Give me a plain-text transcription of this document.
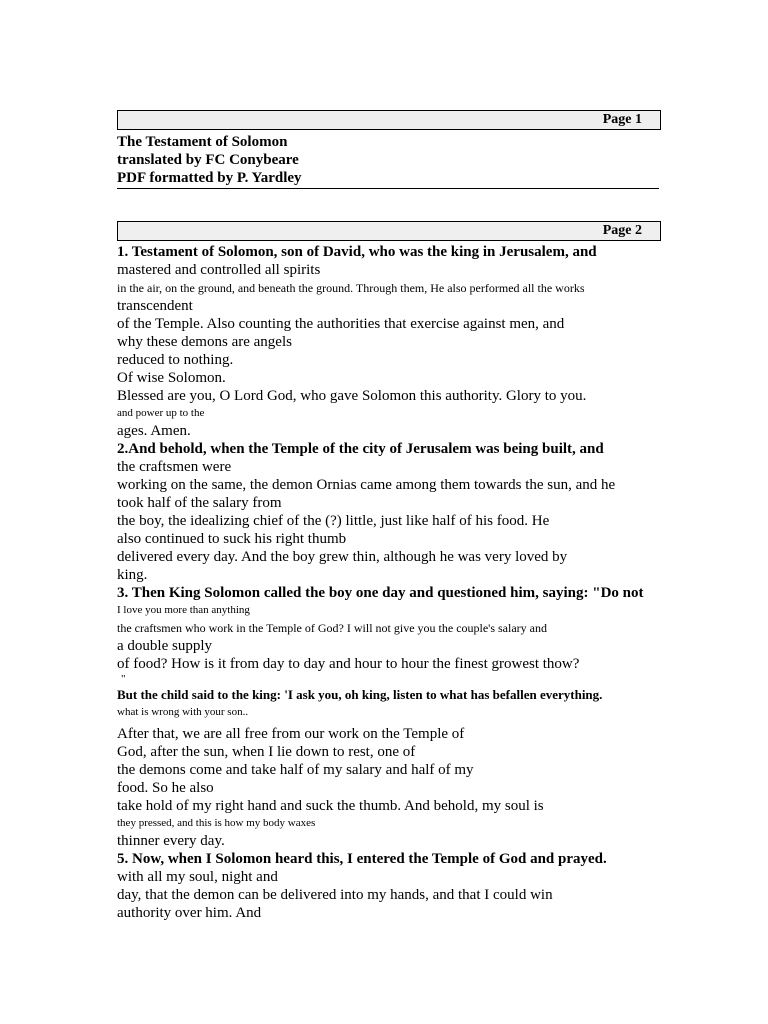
Page 1
The Testament of Solomon
translated by FC Conybeare
PDF formatted by P. Yardley
Page 2
1. Testament of Solomon, son of David, who was the king in Jerusalem, and
mastered and controlled all spirits
in the air, on the ground, and beneath the ground. Through them, He also performed all the works
transcendent
of the Temple. Also counting the authorities that exercise against men, and
why these demons are angels
reduced to nothing.
Of wise Solomon.
Blessed are you, O Lord God, who gave Solomon this authority. Glory to you.
and power up to the
ages. Amen.
2.And behold, when the Temple of the city of Jerusalem was being built, and
the craftsmen were
working on the same, the demon Ornias came among them towards the sun, and he
took half of the salary from
the boy, the idealizing chief of the (?) little, just like half of his food. He
also continued to suck his right thumb
delivered every day. And the boy grew thin, although he was very loved by
king.
3. Then King Solomon called the boy one day and questioned him, saying: "Do not
I love you more than anything
the craftsmen who work in the Temple of God? I will not give you the couple's salary and
a double supply
of food? How is it from day to day and hour to hour the finest growest thow?
"
But the child said to the king: 'I ask you, oh king, listen to what has befallen everything.
what is wrong with your son..
After that, we are all free from our work on the Temple of
God, after the sun, when I lie down to rest, one of
the demons come and take half of my salary and half of my
food. So he also
take hold of my right hand and suck the thumb. And behold, my soul is
they pressed, and this is how my body waxes
thinner every day.
5. Now, when I Solomon heard this, I entered the Temple of God and prayed.
with all my soul, night and
day, that the demon can be delivered into my hands, and that I could win
authority over him. And
